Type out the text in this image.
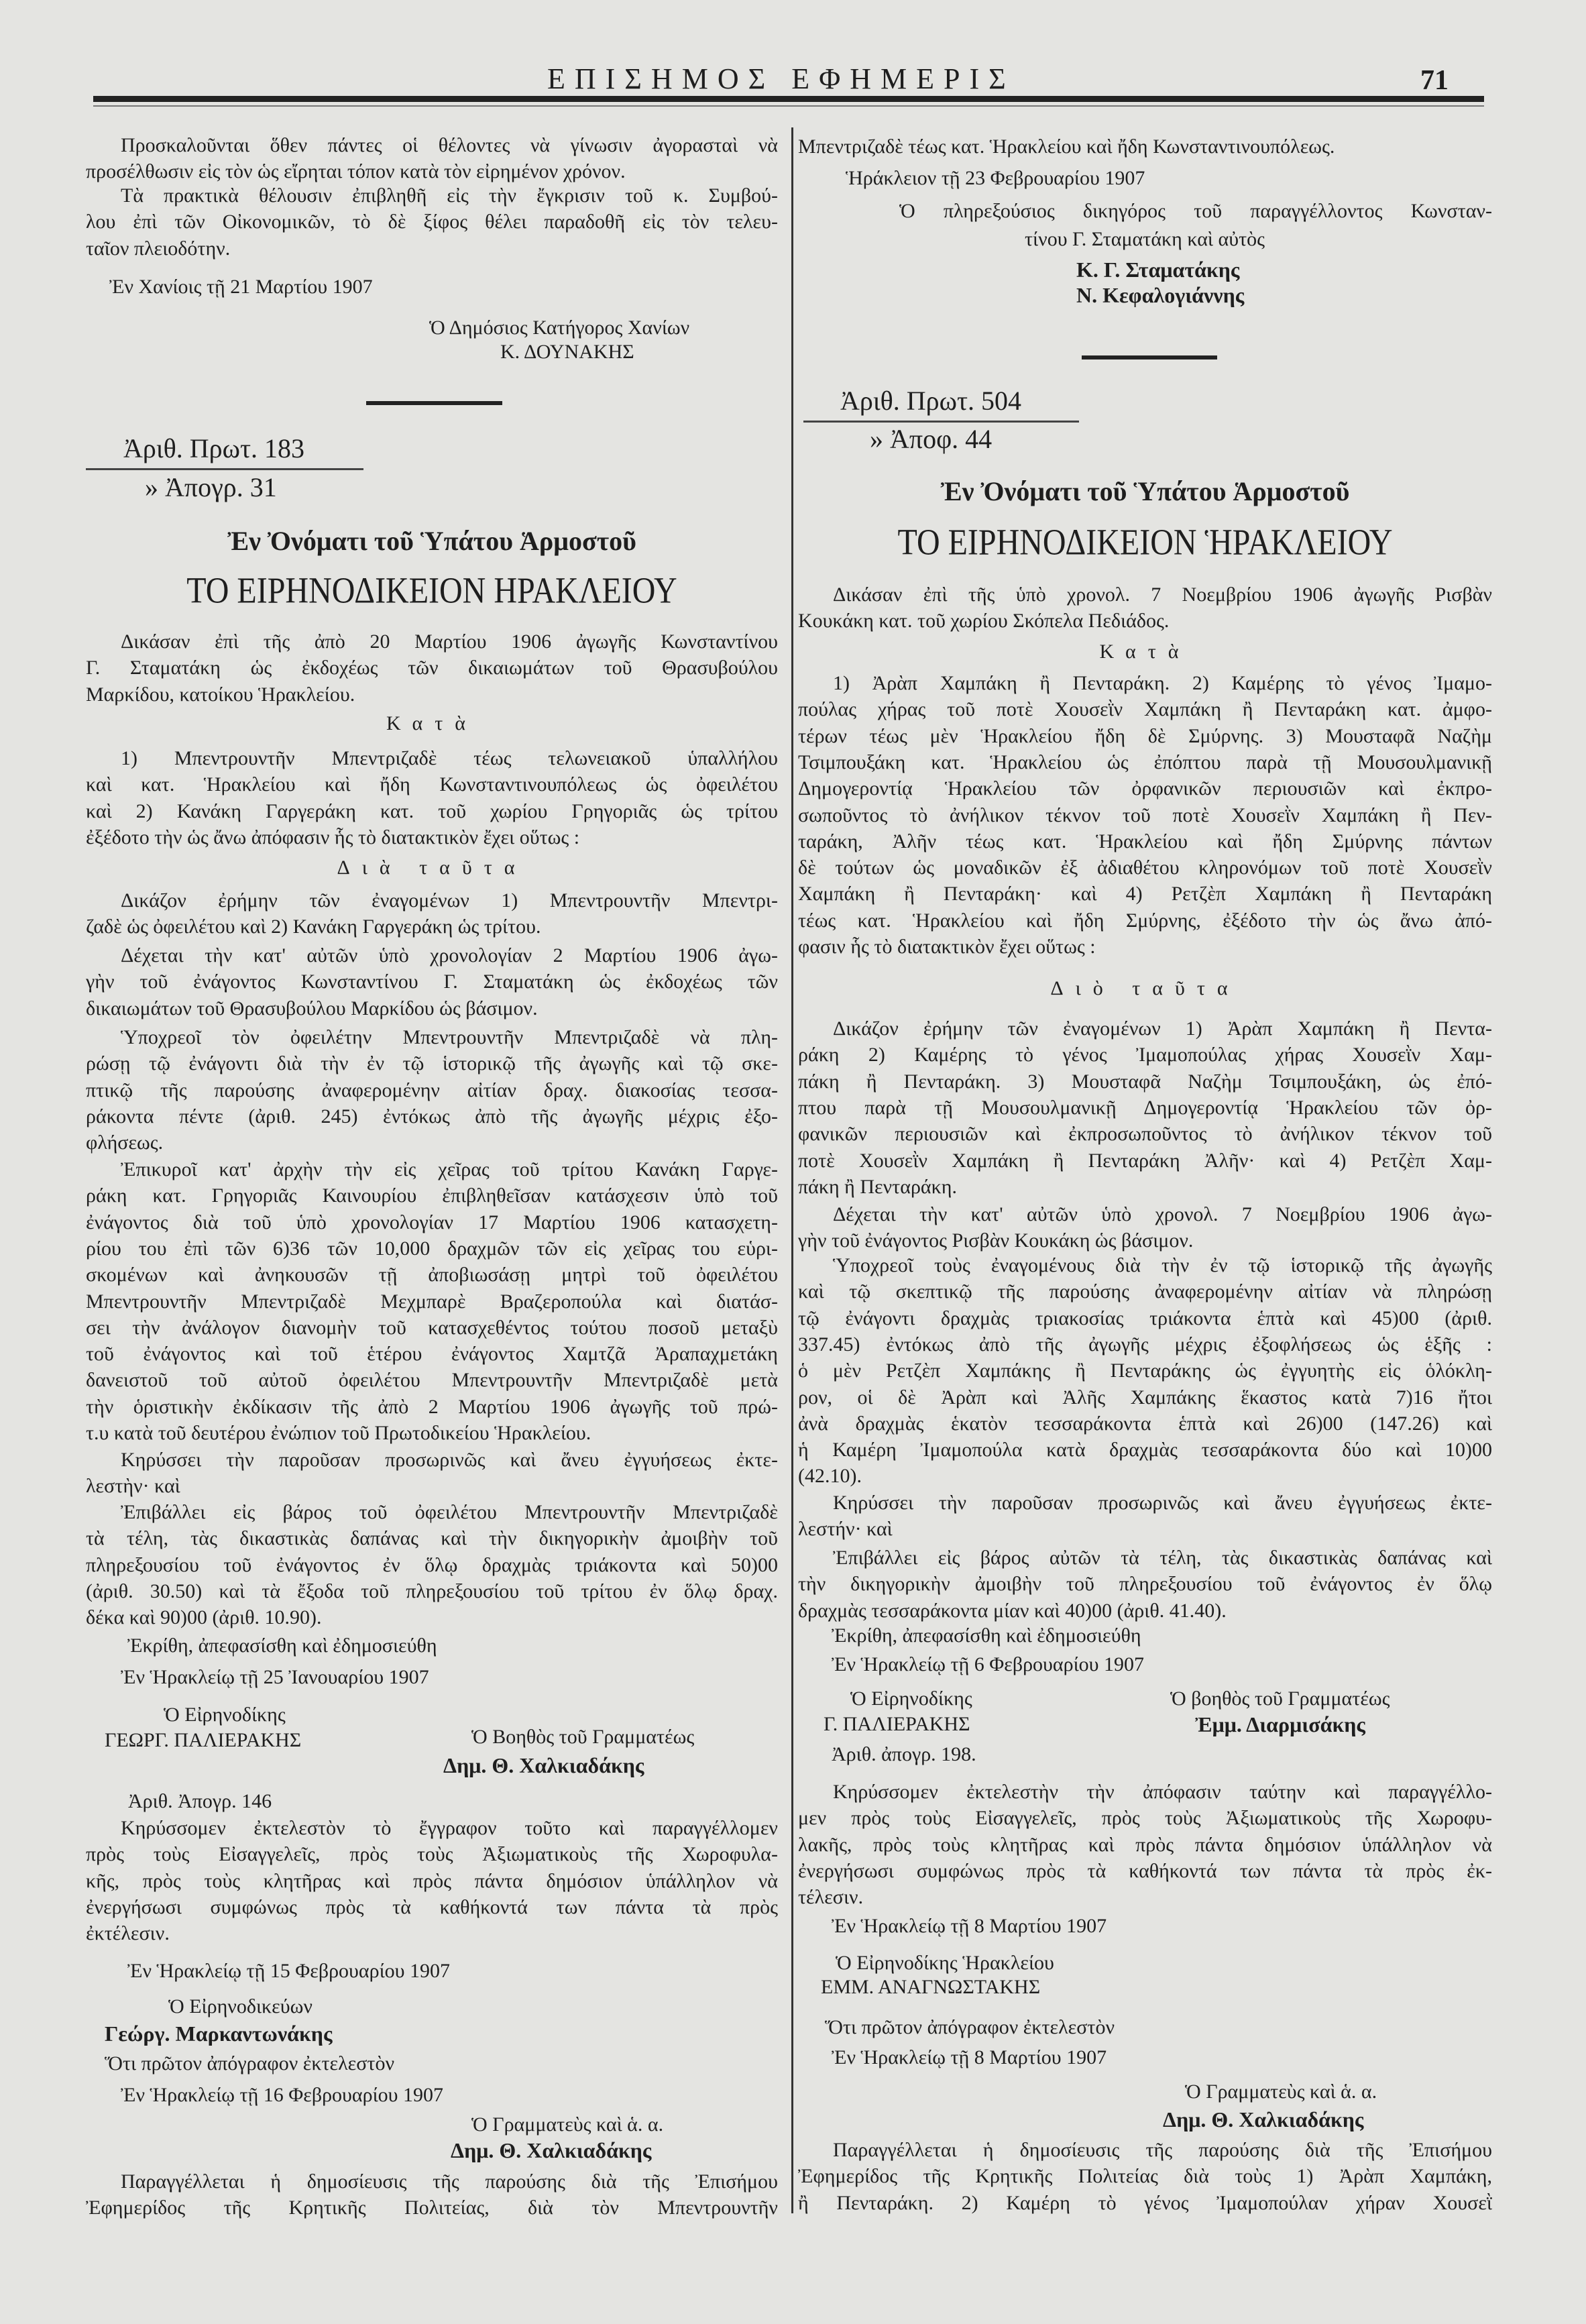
ΕΠΙΣΗΜΟΣ ΕΦΗΜΕΡΙΣ	71
Προσκαλοῦνται ὅθεν πάντες οἱ θέλοντες νὰ γίνωσιν ἀγορασταὶ νὰ
προσέλθωσιν εἰς τὸν ὡς εἴρηται τόπον κατὰ τὸν εἰρημένον χρόνον.
Τὰ πρακτικὰ θέλουσιν ἐπιβληθῆ εἰς τὴν ἔγκρισιν τοῦ κ. Συμβού-
λου ἐπὶ τῶν Οἰκονομικῶν, τὸ δὲ ξίφος θέλει παραδοθῆ εἰς τὸν τελευ-
ταῖον πλειοδότην.
Ἐν Χανίοις τῇ 21 Μαρτίου 1907
Ὁ Δημόσιος Κατήγορος Χανίων
Κ. ΔΟΥΝΑΚΗΣ
Ἀριθ. Πρωτ. 183
» Ἀπογρ. 31
Ἐν Ὀνόματι τοῦ Ὑπάτου Ἁρμοστοῦ
ΤΟ ΕΙΡΗΝΟΔΙΚΕΙΟΝ ΗΡΑΚΛΕΙΟΥ
Δικάσαν ἐπὶ τῆς ἀπὸ 20 Μαρτίου 1906 ἀγωγῆς Κωνσταντίνου
Γ. Σταματάκη ὡς ἐκδοχέως τῶν δικαιωμάτων τοῦ Θρασυβούλου
Μαρκίδου, κατοίκου Ἡρακλείου.
Κατὰ
1) Μπεντρουντῆν Μπεντριζαδὲ τέως τελωνειακοῦ ὑπαλλήλου
καὶ κατ. Ἡρακλείου καὶ ἤδη Κωνσταντινουπόλεως ὡς ὀφειλέτου
καὶ 2) Κανάκη Γαργεράκη κατ. τοῦ χωρίου Γρηγοριᾶς ὡς τρίτου
ἐξέδοτο τὴν ὡς ἄνω ἀπόφασιν ἧς τὸ διατακτικὸν ἔχει οὕτως :
Διὰ ταῦτα
Δικάζον ἐρήμην τῶν ἐναγομένων 1) Μπεντρουντῆν Μπεντρι-
ζαδὲ ὡς ὀφειλέτου καὶ 2) Κανάκη Γαργεράκη ὡς τρίτου.
Δέχεται τὴν κατ' αὐτῶν ὑπὸ χρονολογίαν 2 Μαρτίου 1906 ἀγω-
γὴν τοῦ ἐνάγοντος Κωνσταντίνου Γ. Σταματάκη ὡς ἐκδοχέως τῶν
δικαιωμάτων τοῦ Θρασυβούλου Μαρκίδου ὡς βάσιμον.
Ὑποχρεοῖ τὸν ὀφειλέτην Μπεντρουντῆν Μπεντριζαδὲ νὰ πλη-
ρώσῃ τῷ ἐνάγοντι διὰ τὴν ἐν τῷ ἱστορικῷ τῆς ἀγωγῆς καὶ τῷ σκε-
πτικῷ τῆς παρούσης ἀναφερομένην αἰτίαν δραχ. διακοσίας τεσσα-
ράκοντα πέντε (ἀριθ. 245) ἐντόκως ἀπὸ τῆς ἀγωγῆς μέχρις ἐξο-
φλήσεως.
Ἐπικυροῖ κατ' ἀρχὴν τὴν εἰς χεῖρας τοῦ τρίτου Κανάκη Γαργε-
ράκη κατ. Γρηγοριᾶς Καινουρίου ἐπιβληθεῖσαν κατάσχεσιν ὑπὸ τοῦ
ἐνάγοντος διὰ τοῦ ὑπὸ χρονολογίαν 17 Μαρτίου 1906 κατασχετη-
ρίου του ἐπὶ τῶν 6)36 τῶν 10,000 δραχμῶν τῶν εἰς χεῖρας του εὑρι-
σκομένων καὶ ἀνηκουσῶν τῇ ἀποβιωσάσῃ μητρὶ τοῦ ὀφειλέτου
Μπεντρουντῆν Μπεντριζαδὲ Μεχμπαρὲ Βραζεροπούλα καὶ διατάσ-
σει τὴν ἀνάλογον διανομὴν τοῦ κατασχεθέντος τούτου ποσοῦ μεταξὺ
τοῦ ἐνάγοντος καὶ τοῦ ἑτέρου ἐνάγοντος Χαμτζᾶ Ἀραπαχμετάκη
δανειστοῦ τοῦ αὐτοῦ ὀφειλέτου Μπεντρουντῆν Μπεντριζαδὲ μετὰ
τὴν ὁριστικὴν ἐκδίκασιν τῆς ἀπὸ 2 Μαρτίου 1906 ἀγωγῆς τοῦ πρώ-
τ.υ κατὰ τοῦ δευτέρου ἐνώπιον τοῦ Πρωτοδικείου Ἡρακλείου.
Κηρύσσει τὴν παροῦσαν προσωρινῶς καὶ ἄνευ ἐγγυήσεως ἐκτε-
λεστὴν· καὶ
Ἐπιβάλλει εἰς βάρος τοῦ ὀφειλέτου Μπεντρουντῆν Μπεντριζαδὲ
τὰ τέλη, τὰς δικαστικὰς δαπάνας καὶ τὴν δικηγορικὴν ἀμοιβὴν τοῦ
πληρεξουσίου τοῦ ἐνάγοντος ἐν ὅλῳ δραχμὰς τριάκοντα καὶ 50)00
(ἀριθ. 30.50) καὶ τὰ ἔξοδα τοῦ πληρεξουσίου τοῦ τρίτου ἐν ὅλῳ δραχ.
δέκα καὶ 90)00 (ἀριθ. 10.90).
Ἐκρίθη, ἀπεφασίσθη καὶ ἐδημοσιεύθη
Ἐν Ἡρακλείῳ τῇ 25 Ἰανουαρίου 1907
Ὁ Εἰρηνοδίκης
ΓΕΩΡΓ. ΠΑΛΙΕΡΑΚΗΣ	Ὁ Βοηθὸς τοῦ Γραμματέως
Δημ. Θ. Χαλκιαδάκης
Ἀριθ. Ἀπογρ. 146
Κηρύσσομεν ἐκτελεστὸν τὸ ἔγγραφον τοῦτο καὶ παραγγέλλομεν
πρὸς τοὺς Εἰσαγγελεῖς, πρὸς τοὺς Ἀξιωματικοὺς τῆς Χωροφυλα-
κῆς, πρὸς τοὺς κλητῆρας καὶ πρὸς πάντα δημόσιον ὑπάλληλον νὰ
ἐνεργήσωσι συμφώνως πρὸς τὰ καθήκοντά των πάντα τὰ πρὸς
ἐκτέλεσιν.
Ἐν Ἡρακλείῳ τῇ 15 Φεβρουαρίου 1907
Ὁ Εἰρηνοδικεύων
Γεώργ. Μαρκαντωνάκης
Ὅτι πρῶτον ἀπόγραφον ἐκτελεστὸν
Ἐν Ἡρακλείῳ τῇ 16 Φεβρουαρίου 1907
Ὁ Γραμματεὺς καὶ ἁ. α.
Δημ. Θ. Χαλκιαδάκης
Παραγγέλλεται ἡ δημοσίευσις τῆς παρούσης διὰ τῆς Ἐπισήμου
Ἐφημερίδος τῆς Κρητικῆς Πολιτείας, διὰ τὸν Μπεντρουντῆν
Μπεντριζαδὲ τέως κατ. Ἡρακλείου καὶ ἤδη Κωνσταντινουπόλεως.
Ἡράκλειον τῇ 23 Φεβρουαρίου 1907
Ὁ πληρεξούσιος δικηγόρος τοῦ παραγγέλλοντος Κωνσταν-
τίνου Γ. Σταματάκη καὶ αὐτὸς
Κ. Γ. Σταματάκης
Ν. Κεφαλογιάννης
Ἀριθ. Πρωτ. 504
» Ἀποφ. 44
Ἐν Ὀνόματι τοῦ Ὑπάτου Ἁρμοστοῦ
ΤΟ ΕΙΡΗΝΟΔΙΚΕΙΟΝ ἩΡΑΚΛΕΙΟΥ
Δικάσαν ἐπὶ τῆς ὑπὸ χρονολ. 7 Νοεμβρίου 1906 ἀγωγῆς Ρισβὰν
Κουκάκη κατ. τοῦ χωρίου Σκόπελα Πεδιάδος.
Κατὰ
1) Ἀρὰπ Χαμπάκη ἢ Πενταράκη. 2) Καμέρης τὸ γένος Ἰμαμο-
πούλας χήρας τοῦ ποτὲ Χουσεῒν Χαμπάκη ἢ Πενταράκη κατ. ἀμφο-
τέρων τέως μὲν Ἡρακλείου ἤδη δὲ Σμύρνης. 3) Μουσταφᾶ Ναζὴμ
Τσιμπουξάκη κατ. Ἡρακλείου ὡς ἐπόπτου παρὰ τῇ Μουσουλμανικῇ
Δημογεροντίᾳ Ἡρακλείου τῶν ὀρφανικῶν περιουσιῶν καὶ ἐκπρο-
σωποῦντος τὸ ἀνήλικον τέκνον τοῦ ποτὲ Χουσεῒν Χαμπάκη ἢ Πεν-
ταράκη, Ἀλῆν τέως κατ. Ἡρακλείου καὶ ἤδη Σμύρνης πάντων
δὲ τούτων ὡς μοναδικῶν ἐξ ἀδιαθέτου κληρονόμων τοῦ ποτὲ Χουσεῒν
Χαμπάκη ἢ Πενταράκη· καὶ 4) Ρετζὲπ Χαμπάκη ἢ Πενταράκη
τέως κατ. Ἡρακλείου καὶ ἤδη Σμύρνης, ἐξέδοτο τὴν ὡς ἄνω ἀπό-
φασιν ἧς τὸ διατακτικὸν ἔχει οὕτως :
Διὸ ταῦτα
Δικάζον ἐρήμην τῶν ἐναγομένων 1) Ἀρὰπ Χαμπάκη ἢ Πεντα-
ράκη 2) Καμέρης τὸ γένος Ἰμαμοπούλας χήρας Χουσεῒν Χαμ-
πάκη ἢ Πενταράκη. 3) Μουσταφᾶ Ναζὴμ Τσιμπουξάκη, ὡς ἐπό-
πτου παρὰ τῇ Μουσουλμανικῇ Δημογεροντίᾳ Ἡρακλείου τῶν ὀρ-
φανικῶν περιουσιῶν καὶ ἐκπροσωποῦντος τὸ ἀνήλικον τέκνον τοῦ
ποτὲ Χουσεῒν Χαμπάκη ἢ Πενταράκη Ἀλῆν· καὶ 4) Ρετζὲπ Χαμ-
πάκη ἢ Πενταράκη.
Δέχεται τὴν κατ' αὐτῶν ὑπὸ χρονολ. 7 Νοεμβρίου 1906 ἀγω-
γὴν τοῦ ἐνάγοντος Ρισβὰν Κουκάκη ὡς βάσιμον.
Ὑποχρεοῖ τοὺς ἐναγομένους διὰ τὴν ἐν τῷ ἱστορικῷ τῆς ἀγωγῆς
καὶ τῷ σκεπτικῷ τῆς παρούσης ἀναφερομένην αἰτίαν νὰ πληρώσῃ
τῷ ἐνάγοντι δραχμὰς τριακοσίας τριάκοντα ἑπτὰ καὶ 45)00 (ἀριθ.
337.45) ἐντόκως ἀπὸ τῆς ἀγωγῆς μέχρις ἐξοφλήσεως ὡς ἑξῆς :
ὁ μὲν Ρετζὲπ Χαμπάκης ἢ Πενταράκης ὡς ἐγγυητὴς εἰς ὁλόκλη-
ρον, οἱ δὲ Ἀρὰπ καὶ Ἀλῆς Χαμπάκης ἕκαστος κατὰ 7)16 ἤτοι
ἀνὰ δραχμὰς ἑκατὸν τεσσαράκοντα ἑπτὰ καὶ 26)00 (147.26) καὶ
ἡ Καμέρη Ἰμαμοπούλα κατὰ δραχμὰς τεσσαράκοντα δύο καὶ 10)00
(42.10).
Κηρύσσει τὴν παροῦσαν προσωρινῶς καὶ ἄνευ ἐγγυήσεως ἐκτε-
λεστήν· καὶ
Ἐπιβάλλει εἰς βάρος αὐτῶν τὰ τέλη, τὰς δικαστικὰς δαπάνας καὶ
τὴν δικηγορικὴν ἀμοιβὴν τοῦ πληρεξουσίου τοῦ ἐνάγοντος ἐν ὅλῳ
δραχμὰς τεσσαράκοντα μίαν καὶ 40)00 (ἀριθ. 41.40).
Ἐκρίθη, ἀπεφασίσθη καὶ ἐδημοσιεύθη
Ἐν Ἡρακλείῳ τῇ 6 Φεβρουαρίου 1907
Ὁ Εἰρηνοδίκης	Ὁ βοηθὸς τοῦ Γραμματέως
Γ. ΠΑΛΙΕΡΑΚΗΣ	Ἐμμ. Διαρμισάκης
Ἀριθ. ἀπογρ. 198.
Κηρύσσομεν ἐκτελεστὴν τὴν ἀπόφασιν ταύτην καὶ παραγγέλλο-
μεν πρὸς τοὺς Εἰσαγγελεῖς, πρὸς τοὺς Ἀξιωματικοὺς τῆς Χωροφυ-
λακῆς, πρὸς τοὺς κλητῆρας καὶ πρὸς πάντα δημόσιον ὑπάλληλον νὰ
ἐνεργήσωσι συμφώνως πρὸς τὰ καθήκοντά των πάντα τὰ πρὸς ἐκ-
τέλεσιν.
Ἐν Ἡρακλείῳ τῇ 8 Μαρτίου 1907
Ὁ Εἰρηνοδίκης Ἡρακλείου
ΕΜΜ. ΑΝΑΓΝΩΣΤΑΚΗΣ
Ὅτι πρῶτον ἀπόγραφον ἐκτελεστὸν
Ἐν Ἡρακλείῳ τῇ 8 Μαρτίου 1907
Ὁ Γραμματεὺς καὶ ἁ. α.
Δημ. Θ. Χαλκιαδάκης
Παραγγέλλεται ἡ δημοσίευσις τῆς παρούσης διὰ τῆς Ἐπισήμου
Ἐφημερίδος τῆς Κρητικῆς Πολιτείας διὰ τοὺς 1) Ἀρὰπ Χαμπάκη,
ἢ Πενταράκη. 2) Καμέρη τὸ γένος Ἰμαμοπούλαν χήραν Χουσεῒ
